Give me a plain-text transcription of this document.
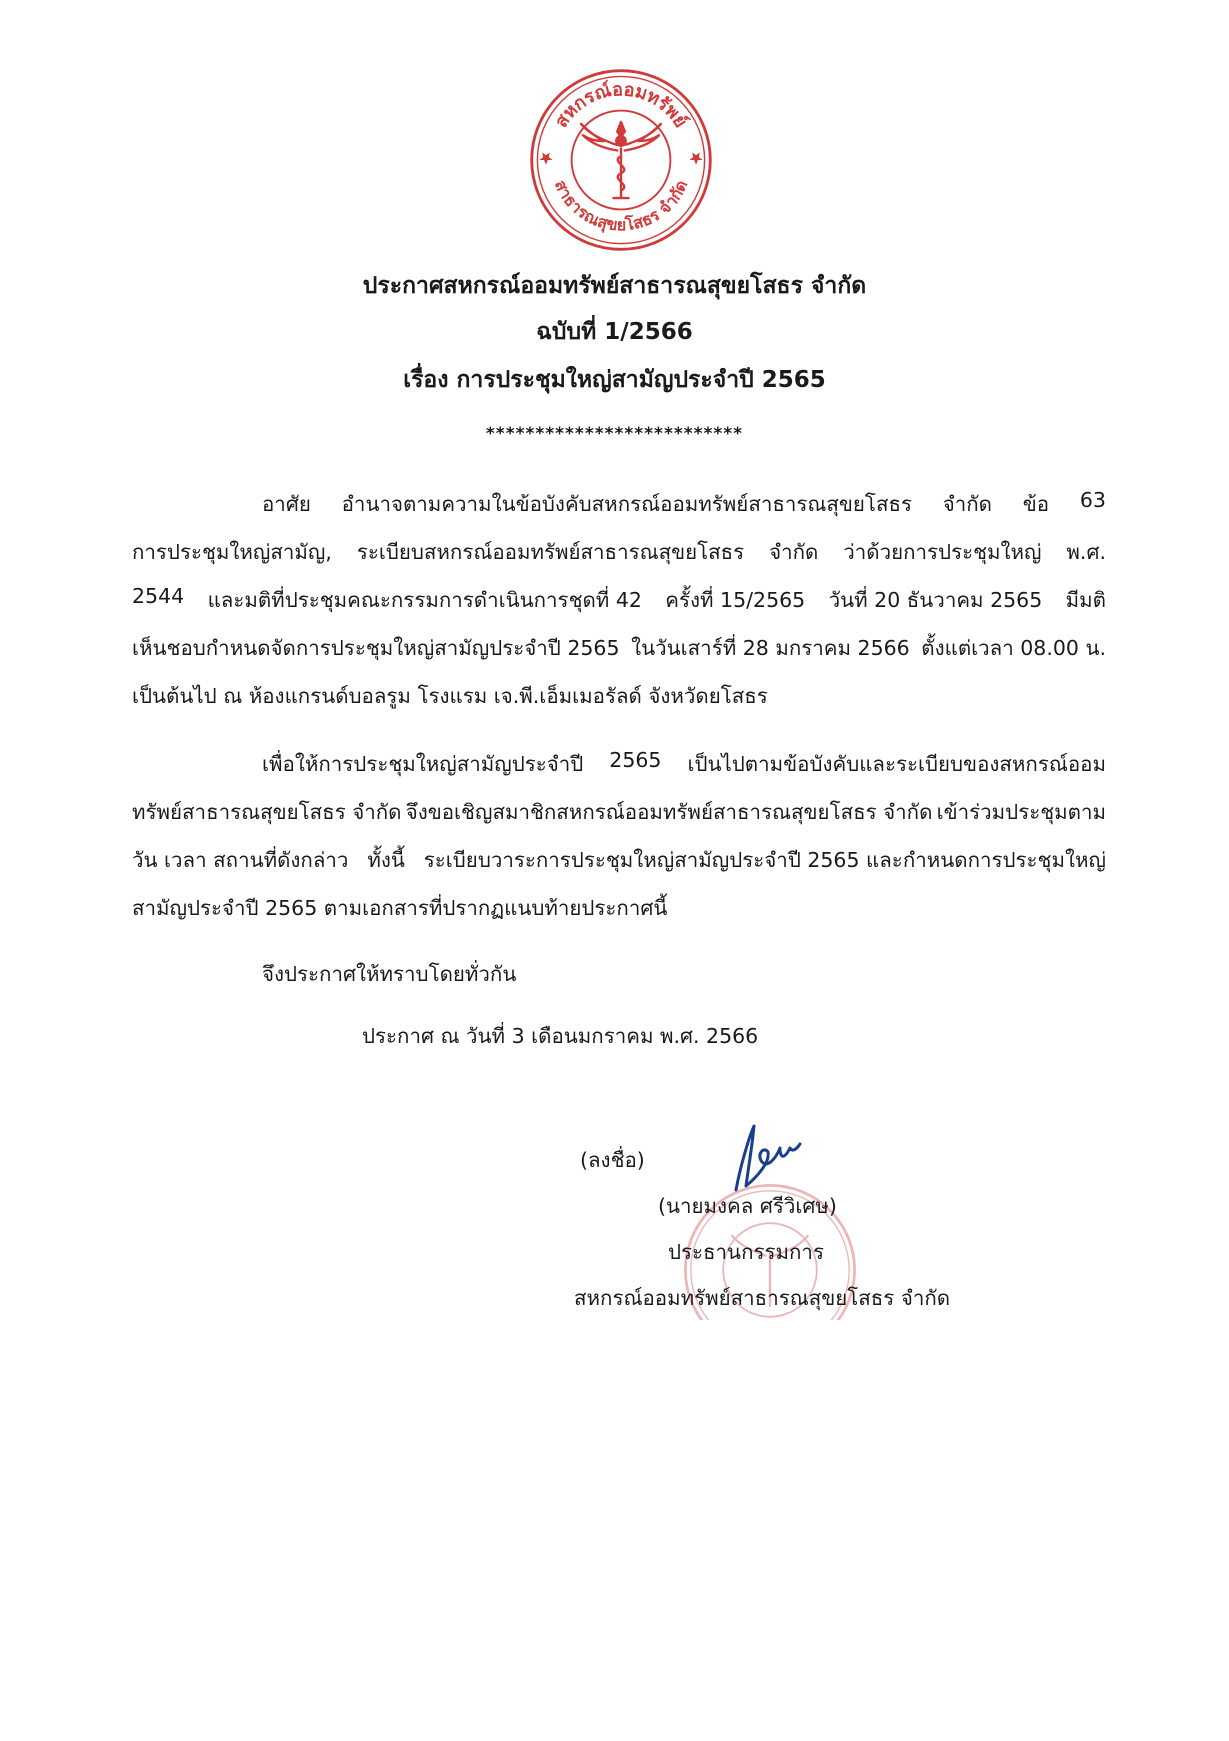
สหกรณ์ออมทรัพย์
สาธารณสุขยโสธร จำกัด
ประกาศสหกรณ์ออมทรัพย์สาธารณสุขยโสธร จำกัด
ฉบับที่ 1/2566
เรื่อง การประชุมใหญ่สามัญประจำปี 2565
**************************
อาศัย อำนาจตามความในข้อบังคับสหกรณ์ออมทรัพย์สาธารณสุขยโสธร จำกัด ข้อ 63
การประชุมใหญ่สามัญ, ระเบียบสหกรณ์ออมทรัพย์สาธารณสุขยโสธร จำกัด ว่าด้วยการประชุมใหญ่ พ.ศ.
2544 และมติที่ประชุมคณะกรรมการดำเนินการชุดที่ 42 ครั้งที่ 15/2565 วันที่ 20 ธันวาคม 2565 มีมติ
เห็นชอบกำหนดจัดการประชุมใหญ่สามัญประจำปี 2565 ในวันเสาร์ที่ 28 มกราคม 2566 ตั้งแต่เวลา 08.00 น.
เป็นต้นไป ณ ห้องแกรนด์บอลรูม โรงแรม เจ.พี.เอ็มเมอรัลด์ จังหวัดยโสธร
เพื่อให้การประชุมใหญ่สามัญประจำปี 2565 เป็นไปตามข้อบังคับและระเบียบของสหกรณ์ออม
ทรัพย์สาธารณสุขยโสธร จำกัด จึงขอเชิญสมาชิกสหกรณ์ออมทรัพย์สาธารณสุขยโสธร จำกัด เข้าร่วมประชุมตาม
วัน เวลา สถานที่ดังกล่าว ทั้งนี้ ระเบียบวาระการประชุมใหญ่สามัญประจำปี 2565 และกำหนดการประชุมใหญ่
สามัญประจำปี 2565 ตามเอกสารที่ปรากฏแนบท้ายประกาศนี้
จึงประกาศให้ทราบโดยทั่วกัน
ประกาศ ณ วันที่ 3 เดือนมกราคม พ.ศ. 2566
(ลงชื่อ)
(นายมงคล ศรีวิเศษ)
ประธานกรรมการ
สหกรณ์ออมทรัพย์สาธารณสุขยโสธร จำกัด
